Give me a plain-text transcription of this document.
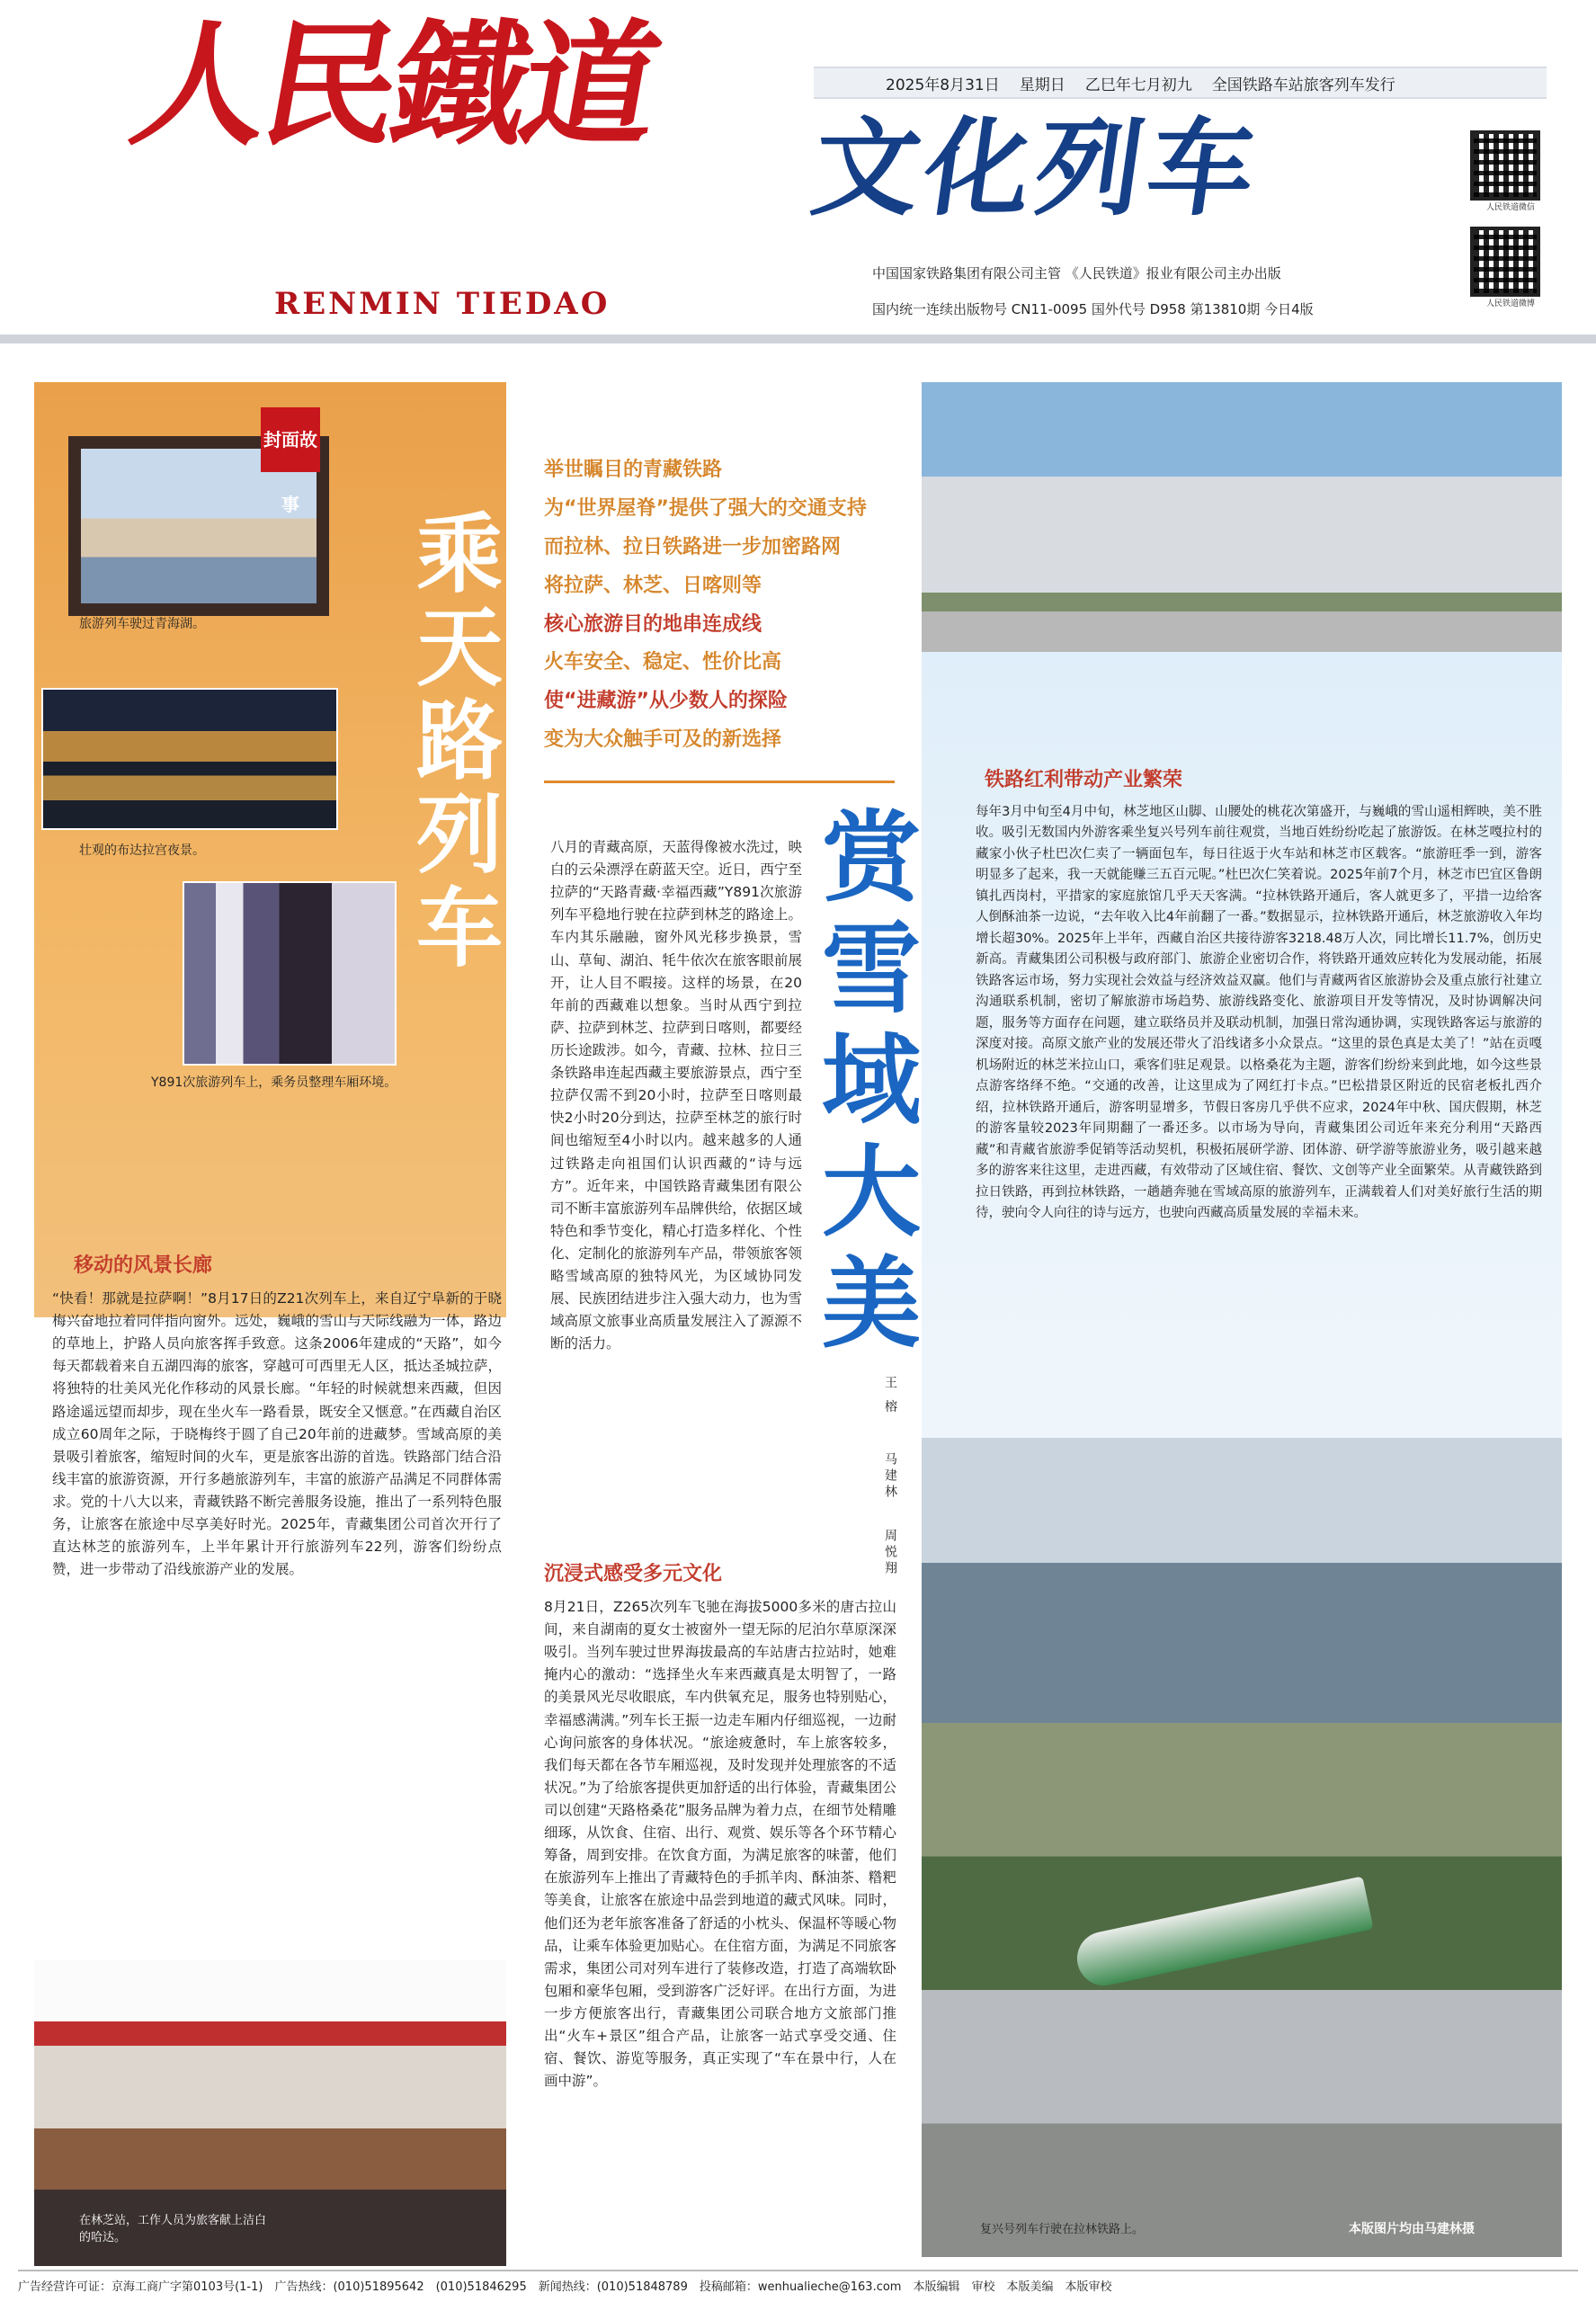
人民鐵道
RENMIN TIEDAO
2025年8月31日 星期日 乙巳年七月初九 全国铁路车站旅客列车发行
文化列车
中国国家铁路集团有限公司主管 《人民铁道》报业有限公司主办出版
国内统一连续出版物号 CN11-0095 国外代号 D958 第13810期 今日4版
人民铁道微信
人民铁道微博
旅游列车驶过青海湖。
壮观的布达拉宫夜景。
Y891次旅游列车上，乘务员整理车厢环境。
封面故事
乘天路列车
移动的风景长廊
“快看！那就是拉萨啊！”8月17日的Z21次列车上，来自辽宁阜新的于晓梅兴奋地拉着同伴指向窗外。远处，巍峨的雪山与天际线融为一体，路边的草地上，护路人员向旅客挥手致意。这条2006年建成的“天路”，如今每天都载着来自五湖四海的旅客，穿越可可西里无人区，抵达圣城拉萨，将独特的壮美风光化作移动的风景长廊。“年轻的时候就想来西藏，但因路途遥远望而却步，现在坐火车一路看景，既安全又惬意。”在西藏自治区成立60周年之际，于晓梅终于圆了自己20年前的进藏梦。雪域高原的美景吸引着旅客，缩短时间的火车，更是旅客出游的首选。铁路部门结合沿线丰富的旅游资源，开行多趟旅游列车，丰富的旅游产品满足不同群体需求。党的十八大以来，青藏铁路不断完善服务设施，推出了一系列特色服务，让旅客在旅途中尽享美好时光。2025年，青藏集团公司首次开行了直达林芝的旅游列车，上半年累计开行旅游列车22列，游客们纷纷点赞，进一步带动了沿线旅游产业的发展。
在林芝站，工作人员为旅客献上洁白的哈达。
举世瞩目的青藏铁路
为“世界屋脊”提供了强大的交通支持
而拉林、拉日铁路进一步加密路网
将拉萨、林芝、日喀则等
核心旅游目的地串连成线
火车安全、稳定、性价比高
使“进藏游”从少数人的探险
变为大众触手可及的新选择
八月的青藏高原，天蓝得像被水洗过，映白的云朵漂浮在蔚蓝天空。近日，西宁至拉萨的“天路青藏·幸福西藏”Y891次旅游列车平稳地行驶在拉萨到林芝的路途上。车内其乐融融，窗外风光移步换景，雪山、草甸、湖泊、牦牛依次在旅客眼前展开，让人目不暇接。这样的场景，在20年前的西藏难以想象。当时从西宁到拉萨、拉萨到林芝、拉萨到日喀则，都要经历长途跋涉。如今，青藏、拉林、拉日三条铁路串连起西藏主要旅游景点，西宁至拉萨仅需不到20小时，拉萨至日喀则最快2小时20分到达，拉萨至林芝的旅行时间也缩短至4小时以内。越来越多的人通过铁路走向祖国们认识西藏的“诗与远方”。近年来，中国铁路青藏集团有限公司不断丰富旅游列车品牌供给，依据区域特色和季节变化，精心打造多样化、个性化、定制化的旅游列车产品，带领旅客领略雪域高原的独特风光，为区域协同发展、民族团结进步注入强大动力，也为雪域高原文旅事业高质量发展注入了源源不断的活力。	赏雪域大美
王 榕
马建林
周悦翔
沉浸式感受多元文化
8月21日，Z265次列车飞驰在海拔5000多米的唐古拉山间，来自湖南的夏女士被窗外一望无际的尼泊尔草原深深吸引。当列车驶过世界海拔最高的车站唐古拉站时，她难掩内心的激动：“选择坐火车来西藏真是太明智了，一路的美景风光尽收眼底，车内供氧充足，服务也特别贴心，幸福感满满。”列车长王振一边走车厢内仔细巡视，一边耐心询问旅客的身体状况。“旅途疲惫时，车上旅客较多，我们每天都在各节车厢巡视，及时发现并处理旅客的不适状况。”为了给旅客提供更加舒适的出行体验，青藏集团公司以创建“天路格桑花”服务品牌为着力点，在细节处精雕细琢，从饮食、住宿、出行、观赏、娱乐等各个环节精心筹备，周到安排。在饮食方面，为满足旅客的味蕾，他们在旅游列车上推出了青藏特色的手抓羊肉、酥油茶、糌粑等美食，让旅客在旅途中品尝到地道的藏式风味。同时，他们还为老年旅客准备了舒适的小枕头、保温杯等暖心物品，让乘车体验更加贴心。在住宿方面，为满足不同旅客需求，集团公司对列车进行了装修改造，打造了高端软卧包厢和豪华包厢，受到游客广泛好评。在出行方面，为进一步方便旅客出行，青藏集团公司联合地方文旅部门推出“火车+景区”组合产品，让旅客一站式享受交通、住宿、餐饮、游览等服务，真正实现了“车在景中行，人在画中游”。
铁路红利带动产业繁荣
每年3月中旬至4月中旬，林芝地区山脚、山腰处的桃花次第盛开，与巍峨的雪山遥相辉映，美不胜收。吸引无数国内外游客乘坐复兴号列车前往观赏，当地百姓纷纷吃起了旅游饭。在林芝嘎拉村的藏家小伙子杜巴次仁卖了一辆面包车，每日往返于火车站和林芝市区载客。“旅游旺季一到，游客明显多了起来，我一天就能赚三五百元呢。”杜巴次仁笑着说。2025年前7个月，林芝市巴宜区鲁朗镇扎西岗村，平措家的家庭旅馆几乎天天客满。“拉林铁路开通后，客人就更多了，平措一边给客人倒酥油茶一边说，“去年收入比4年前翻了一番。”数据显示，拉林铁路开通后，林芝旅游收入年均增长超30%。2025年上半年，西藏自治区共接待游客3218.48万人次，同比增长11.7%，创历史新高。青藏集团公司积极与政府部门、旅游企业密切合作，将铁路开通效应转化为发展动能，拓展铁路客运市场，努力实现社会效益与经济效益双赢。他们与青藏两省区旅游协会及重点旅行社建立沟通联系机制，密切了解旅游市场趋势、旅游线路变化、旅游项目开发等情况，及时协调解决问题，服务等方面存在问题，建立联络员并及联动机制，加强日常沟通协调，实现铁路客运与旅游的深度对接。高原文旅产业的发展还带火了沿线诸多小众景点。“这里的景色真是太美了！”站在贡嘎机场附近的林芝米拉山口，乘客们驻足观景。以格桑花为主题，游客们纷纷来到此地，如今这些景点游客络绎不绝。“交通的改善，让这里成为了网红打卡点。”巴松措景区附近的民宿老板扎西介绍，拉林铁路开通后，游客明显增多，节假日客房几乎供不应求，2024年中秋、国庆假期，林芝的游客量较2023年同期翻了一番还多。以市场为导向，青藏集团公司近年来充分利用“天路西藏”和青藏省旅游季促销等活动契机，积极拓展研学游、团体游、研学游等旅游业务，吸引越来越多的游客来往这里，走进西藏，有效带动了区域住宿、餐饮、文创等产业全面繁荣。从青藏铁路到拉日铁路，再到拉林铁路，一趟趟奔驰在雪域高原的旅游列车，正满载着人们对美好旅行生活的期待，驶向令人向往的诗与远方，也驶向西藏高质量发展的幸福未来。
复兴号列车行驶在拉林铁路上。	本版图片均由马建林摄
广告经营许可证：京海工商广字第0103号(1-1)　广告热线：(010)51895642　(010)51846295　新闻热线：(010)51848789　投稿邮箱：wenhualieche@163.com　本版编辑　审校　本版美编　本版审校
